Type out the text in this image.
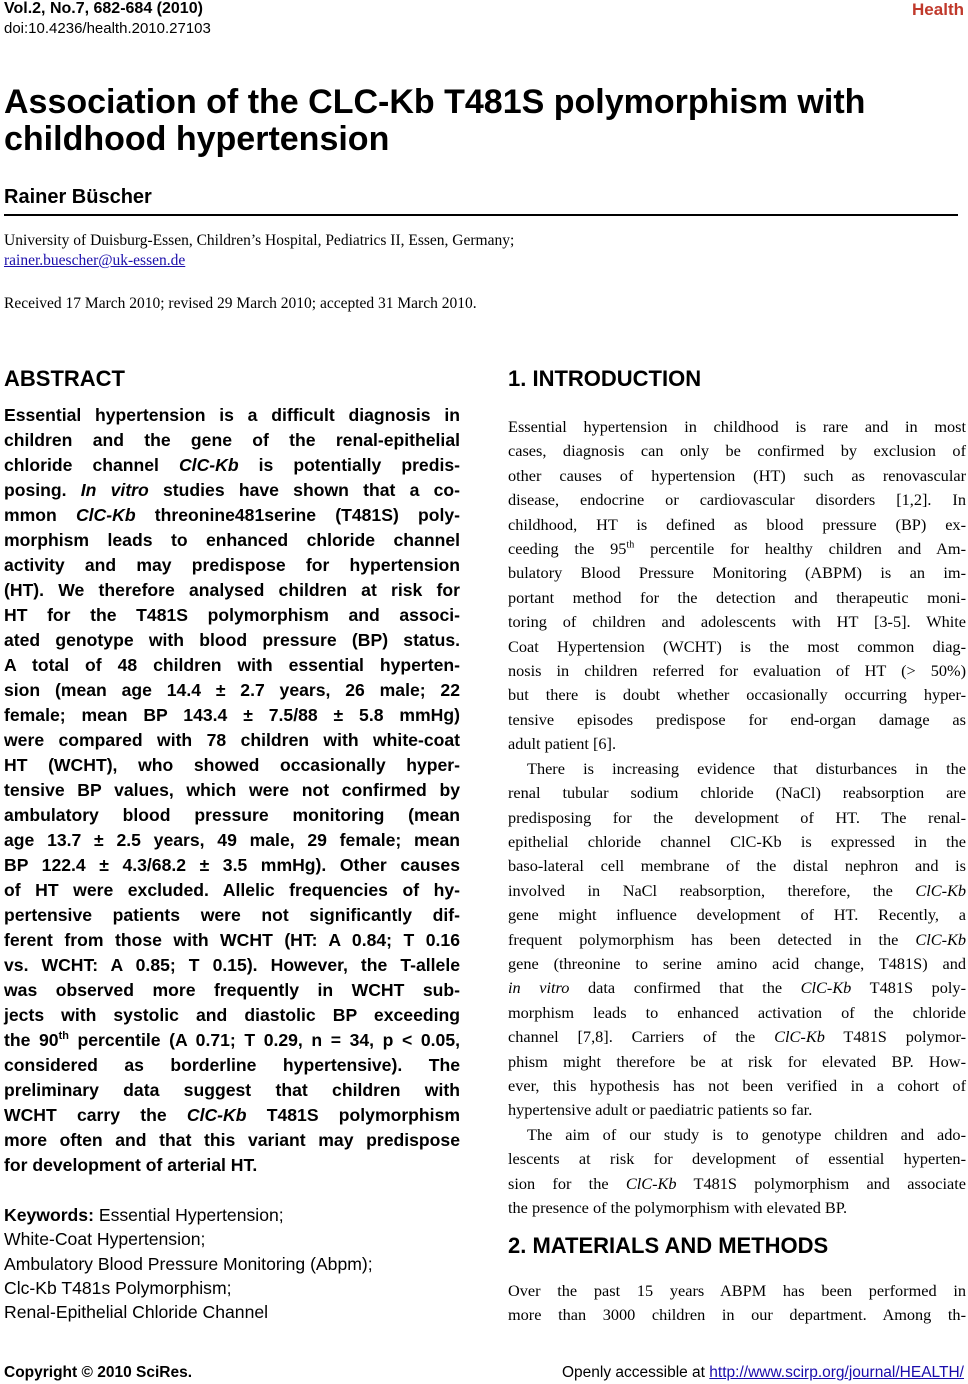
Vol.2, No.7, 682-684 (2010)
doi:10.4236/health.2010.27103
Health
Association of the CLC-Kb T481S polymorphism with
childhood hypertension
Rainer Büscher
University of Duisburg-Essen, Children’s Hospital, Pediatrics II, Essen, Germany;
rainer.buescher@uk-essen.de
Received 17 March 2010; revised 29 March 2010; accepted 31 March 2010.
ABSTRACT
Essential hypertension is a difficult diagnosis in
children and the gene of the renal-epithelial
chloride channel ClC-Kb is potentially predis-
posing. In vitro studies have shown that a co-
mmon ClC-Kb threonine481serine (T481S) poly-
morphism leads to enhanced chloride channel
activity and may predispose for hypertension
(HT). We therefore analysed children at risk for
HT for the T481S polymorphism and associ-
ated genotype with blood pressure (BP) status.
A total of 48 children with essential hyperten-
sion (mean age 14.4 ± 2.7 years, 26 male; 22
female; mean BP 143.4 ± 7.5/88 ± 5.8 mmHg)
were compared with 78 children with white-coat
HT (WCHT), who showed occasionally hyper-
tensive BP values, which were not confirmed by
ambulatory blood pressure monitoring (mean
age 13.7 ± 2.5 years, 49 male, 29 female; mean
BP 122.4 ± 4.3/68.2 ± 3.5 mmHg). Other causes
of HT were excluded. Allelic frequencies of hy-
pertensive patients were not significantly dif-
ferent from those with WCHT (HT: A 0.84; T 0.16
vs. WCHT: A 0.85; T 0.15). However, the T-allele
was observed more frequently in WCHT sub-
jects with systolic and diastolic BP exceeding
the 90th percentile (A 0.71; T 0.29, n = 34, p < 0.05,
considered as borderline hypertensive). The
preliminary data suggest that children with
WCHT carry the ClC-Kb T481S polymorphism
more often and that this variant may predispose
for development of arterial HT.
Keywords: Essential Hypertension;
White-Coat Hypertension;
Ambulatory Blood Pressure Monitoring (Abpm);
Clc-Kb T481s Polymorphism;
Renal-Epithelial Chloride Channel
1. INTRODUCTION
Essential hypertension in childhood is rare and in most
cases, diagnosis can only be confirmed by exclusion of
other causes of hypertension (HT) such as renovascular
disease, endocrine or cardiovascular disorders [1,2]. In
childhood, HT is defined as blood pressure (BP) ex-
ceeding the 95th percentile for healthy children and Am-
bulatory Blood Pressure Monitoring (ABPM) is an im-
portant method for the detection and therapeutic moni-
toring of children and adolescents with HT [3-5]. White
Coat Hypertension (WCHT) is the most common diag-
nosis in children referred for evaluation of HT (> 50%)
but there is doubt whether occasionally occurring hyper-
tensive episodes predispose for end-organ damage as
adult patient [6].
There is increasing evidence that disturbances in the
renal tubular sodium chloride (NaCl) reabsorption are
predisposing for the development of HT. The renal-
epithelial chloride channel ClC-Kb is expressed in the
baso-lateral cell membrane of the distal nephron and is
involved in NaCl reabsorption, therefore, the ClC-Kb
gene might influence development of HT. Recently, a
frequent polymorphism has been detected in the ClC-Kb
gene (threonine to serine amino acid change, T481S) and
in vitro data confirmed that the ClC-Kb T481S poly-
morphism leads to enhanced activation of the chloride
channel [7,8]. Carriers of the ClC-Kb T481S polymor-
phism might therefore be at risk for elevated BP. How-
ever, this hypothesis has not been verified in a cohort of
hypertensive adult or paediatric patients so far.
The aim of our study is to genotype children and ado-
lescents at risk for development of essential hyperten-
sion for the ClC-Kb T481S polymorphism and associate
the presence of the polymorphism with elevated BP.
2. MATERIALS AND METHODS
Over the past 15 years ABPM has been performed in
more than 3000 children in our department. Among th-
Copyright © 2010 SciRes.	Openly accessible at http://www.scirp.org/journal/HEALTH/
